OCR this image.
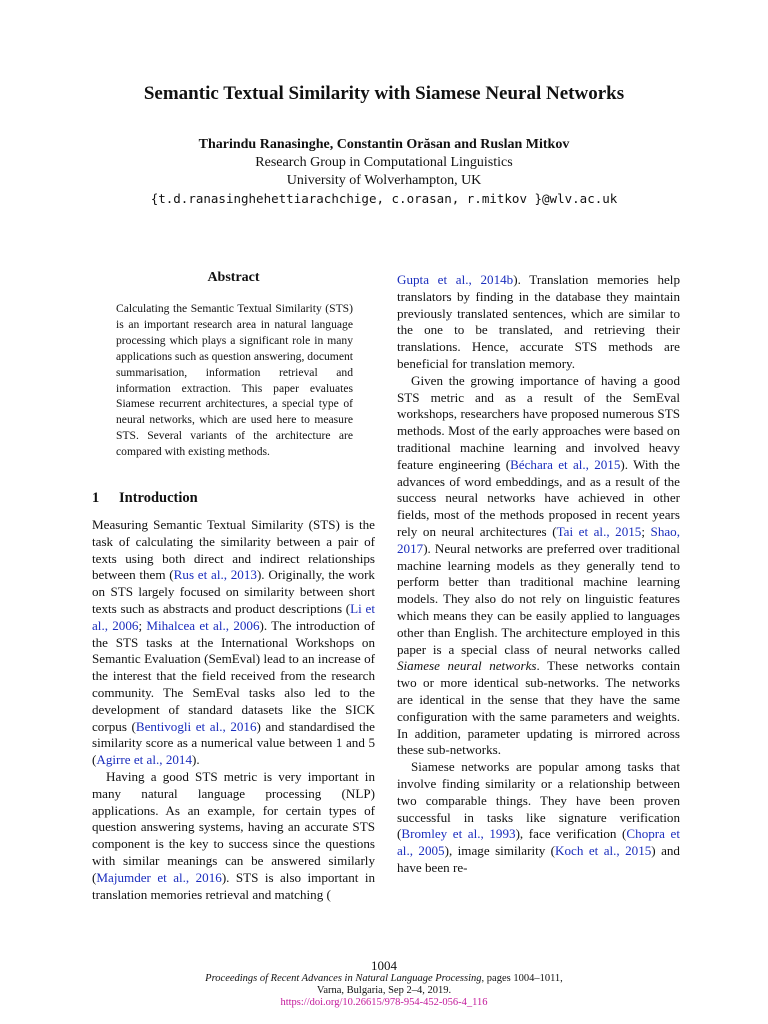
Semantic Textual Similarity with Siamese Neural Networks
Tharindu Ranasinghe, Constantin Orăsan and Ruslan Mitkov
Research Group in Computational Linguistics
University of Wolverhampton, UK
{t.d.ranasinghehettiarachchige, c.orasan, r.mitkov }@wlv.ac.uk
Abstract

Calculating the Semantic Textual Similarity (STS) is an important research area in natural language processing which plays a significant role in many applications such as question answering, document summarisation, information retrieval and information extraction. This paper evaluates Siamese recurrent architectures, a special type of neural networks, which are used here to measure STS. Several variants of the architecture are compared with existing methods.

1 Introduction

Measuring Semantic Textual Similarity (STS) is the task of calculating the similarity between a pair of texts using both direct and indirect relationships between them (Rus et al., 2013). Originally, the work on STS largely focused on similarity between short texts such as abstracts and product descriptions (Li et al., 2006; Mihalcea et al., 2006). The introduction of the STS tasks at the International Workshops on Semantic Evaluation (SemEval) lead to an increase of the interest that the field received from the research community. The SemEval tasks also led to the development of standard datasets like the SICK corpus (Bentivogli et al., 2016) and standardised the similarity score as a numerical value between 1 and 5 (Agirre et al., 2014).

Having a good STS metric is very important in many natural language processing (NLP) applications. As an example, for certain types of question answering systems, having an accurate STS component is the key to success since the questions with similar meanings can be answered similarly (Majumder et al., 2016). STS is also important in translation memories retrieval and matching (

Gupta et al., 2014b). Translation memories help translators by finding in the database they maintain previously translated sentences, which are similar to the one to be translated, and retrieving their translations. Hence, accurate STS methods are beneficial for translation memory.

Given the growing importance of having a good STS metric and as a result of the SemEval workshops, researchers have proposed numerous STS methods. Most of the early approaches were based on traditional machine learning and involved heavy feature engineering (Béchara et al., 2015). With the advances of word embeddings, and as a result of the success neural networks have achieved in other fields, most of the methods proposed in recent years rely on neural architectures (Tai et al., 2015; Shao, 2017). Neural networks are preferred over traditional machine learning models as they generally tend to perform better than traditional machine learning models. They also do not rely on linguistic features which means they can be easily applied to languages other than English. The architecture employed in this paper is a special class of neural networks called Siamese neural networks. These networks contain two or more identical sub-networks. The networks are identical in the sense that they have the same configuration with the same parameters and weights. In addition, parameter updating is mirrored across these sub-networks.

Siamese networks are popular among tasks that involve finding similarity or a relationship between two comparable things. They have been proven successful in tasks like signature verification (Bromley et al., 1993), face verification (Chopra et al., 2005), image similarity (Koch et al., 2015) and have been re-

1004
Proceedings of Recent Advances in Natural Language Processing, pages 1004–1011,
Varna, Bulgaria, Sep 2–4, 2019.
https://doi.org/10.26615/978-954-452-056-4_116
